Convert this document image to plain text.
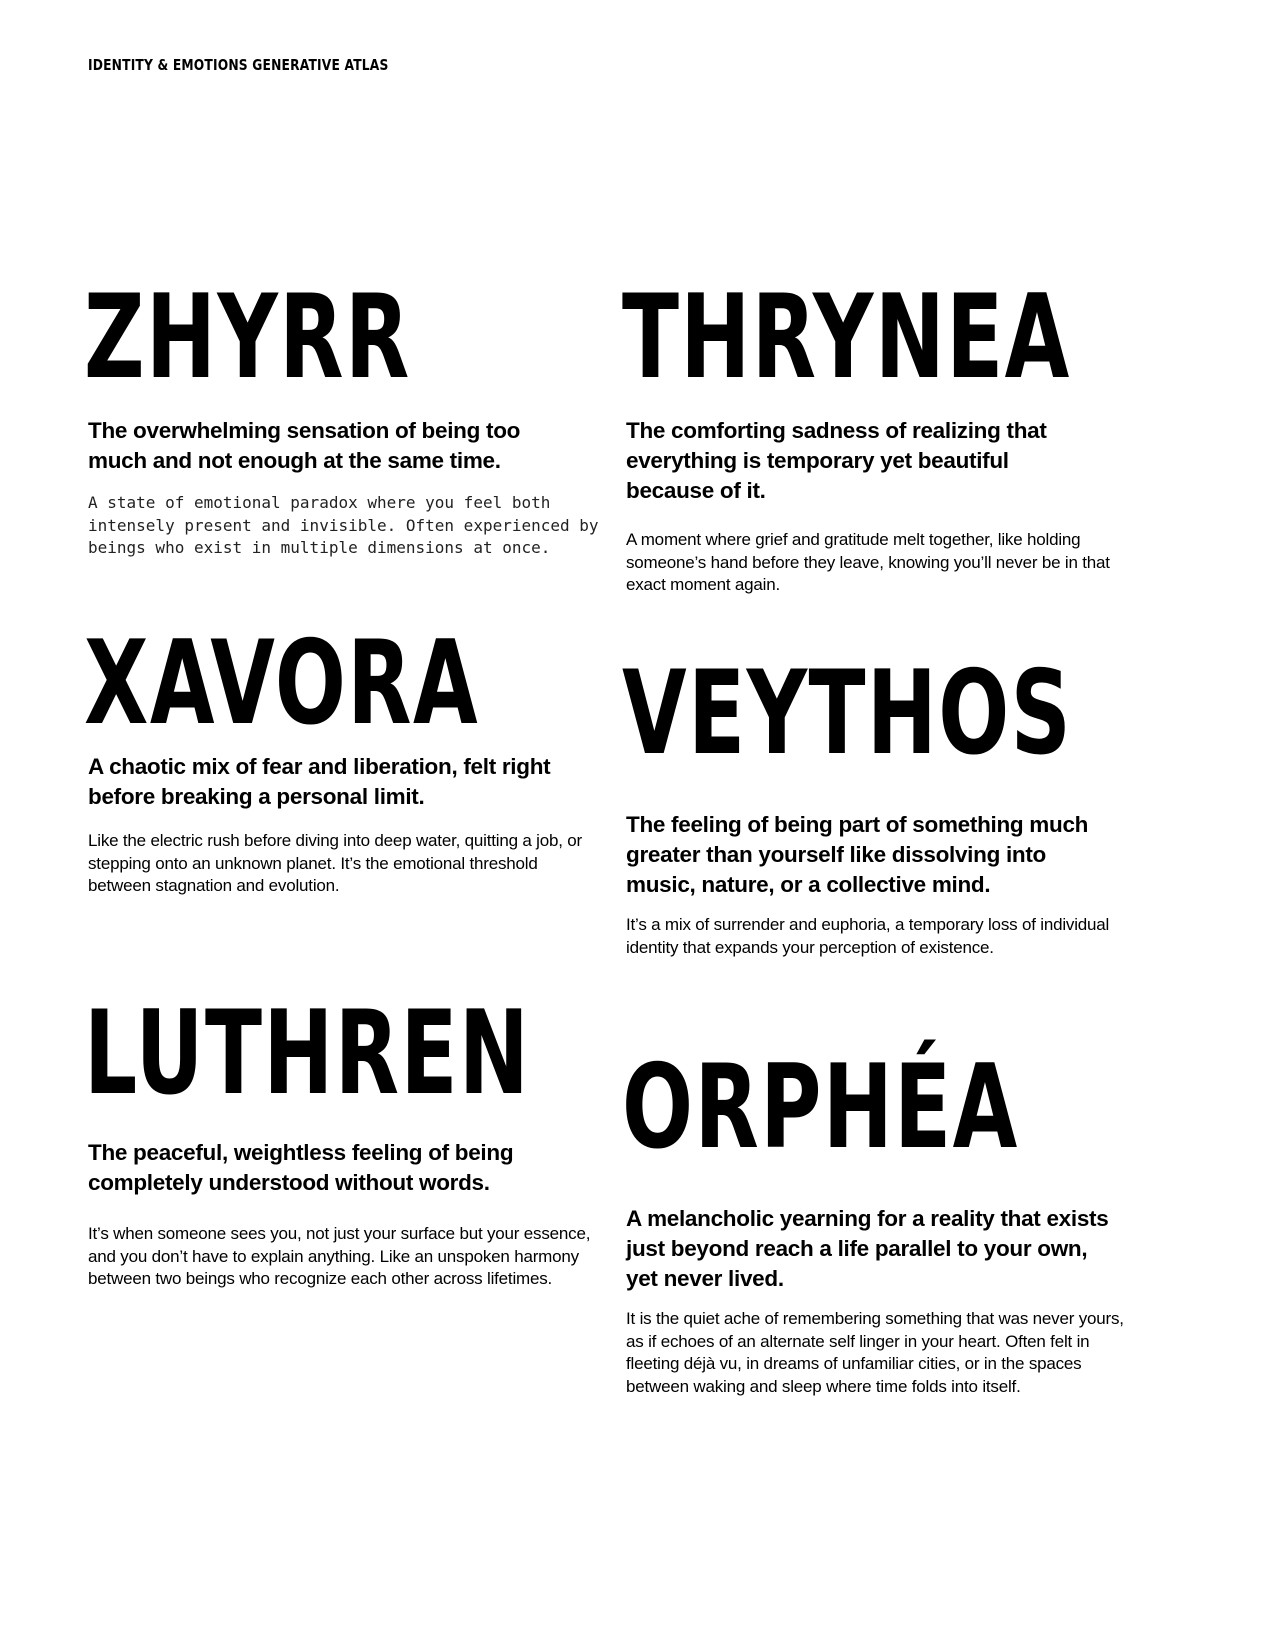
IDENTITY & EMOTIONS GENERATIVE ATLAS
ZHYRR

The overwhelming sensation of being too much and not enough at the same time.

A state of emotional paradox where you feel both intensely present and invisible. Often experienced by beings who exist in multiple dimensions at once.

THRYNEA

The comforting sadness of realizing that everything is temporary yet beautiful because of it.

A moment where grief and gratitude melt together, like holding someone’s hand before they leave, knowing you’ll never be in that exact moment again.

XAVORA

A chaotic mix of fear and liberation, felt right before breaking a personal limit.

Like the electric rush before diving into deep water, quitting a job, or stepping onto an unknown planet. It’s the emotional threshold between stagnation and evolution.

VEYTHOS

The feeling of being part of something much greater than yourself like dissolving into music, nature, or a collective mind.

It’s a mix of surrender and euphoria, a temporary loss of individual identity that expands your perception of existence.

LUTHREN

The peaceful, weightless feeling of being completely understood without words.

It’s when someone sees you, not just your surface but your essence, and you don’t have to explain anything. Like an unspoken harmony between two beings who recognize each other across lifetimes.

ORPHÉA

A melancholic yearning for a reality that exists just beyond reach a life parallel to your own, yet never lived.

It is the quiet ache of remembering something that was never yours, as if echoes of an alternate self linger in your heart. Often felt in fleeting déjà vu, in dreams of unfamiliar cities, or in the spaces between waking and sleep where time folds into itself.
